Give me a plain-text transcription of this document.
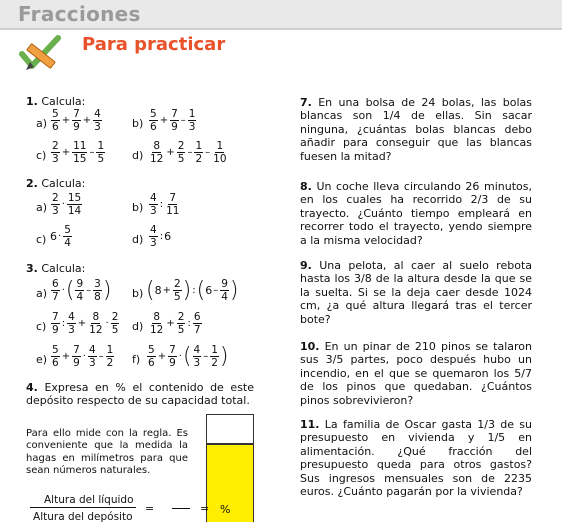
Fracciones
Para practicar
1. Calcula:
$a) \frac{5}{6} + \frac{7}{9} + \frac{4}{3}$	$b) \frac{5}{6} + \frac{7}{9} - \frac{1}{3}$
$c) \frac{2}{3} + \frac{11}{15} - \frac{1}{5} d) \frac{8}{12} + \frac{2}{5} - \frac{1}{2} - \frac{1}{10}$
2. Calcula:
$a) \frac{2}{3} \cdot \frac{15}{14}$	$b) \frac{4}{3}$ : $\frac{7}{11}$
c) $6 \cdot \frac{5}{4}$	$d) \frac{4}{3}$ : 6
3. Calcula:
$a) \frac{6}{7}$ · ( $\frac{9}{4} - \frac{3}{8}$ ) b) ( $8 + \frac{2}{5}$ ) : ( $6 - \frac{9}{4}$ )
$c) \frac{7}{9}$ : $\frac{4}{3} + \frac{8}{12} \cdot \frac{2}{5} d) \frac{8}{12} + \frac{2}{5}$ : $\frac{6}{7}$
$e) \frac{5}{6} + \frac{7}{9} \cdot \frac{4}{3} - \frac{1}{2} f) \frac{5}{6} + \frac{7}{9}$ · ( $\frac{4}{3} - \frac{1}{2}$ )
4. Expresa en % el contenido de este depósito respecto de su capacidad total.
Para ello mide con la regla. Es conveniente que la medida la hagas en milímetros para que sean números naturales.
Altura del líquido
Altura del depósito
=	= %
7. En una bolsa de 24 bolas, las bolas blancas son 1/4 de ellas. Sin sacar ninguna, ¿cuántas bolas blancas debo añadir para conseguir que las blancas fuesen la mitad?
8. Un coche lleva circulando 26 minutos, en los cuales ha recorrido 2/3 de su trayecto. ¿Cuánto tiempo empleará en recorrer todo el trayecto, yendo siempre a la misma velocidad?
9. Una pelota, al caer al suelo rebota hasta los 3/8 de la altura desde la que se la suelta. Si se la deja caer desde 1024 cm, ¿a qué altura llegará tras el tercer bote?
10. En un pinar de 210 pinos se talaron sus 3/5 partes, poco después hubo un incendio, en el que se quemaron los 5/7 de los pinos que quedaban. ¿Cuántos pinos sobrevivieron?
11. La familia de Oscar gasta 1/3 de su presupuesto en vivienda y 1/5 en alimentación. ¿Qué fracción del presupuesto queda para otros gastos? Sus ingresos mensuales son de 2235 euros. ¿Cuánto pagarán por la vivienda?
